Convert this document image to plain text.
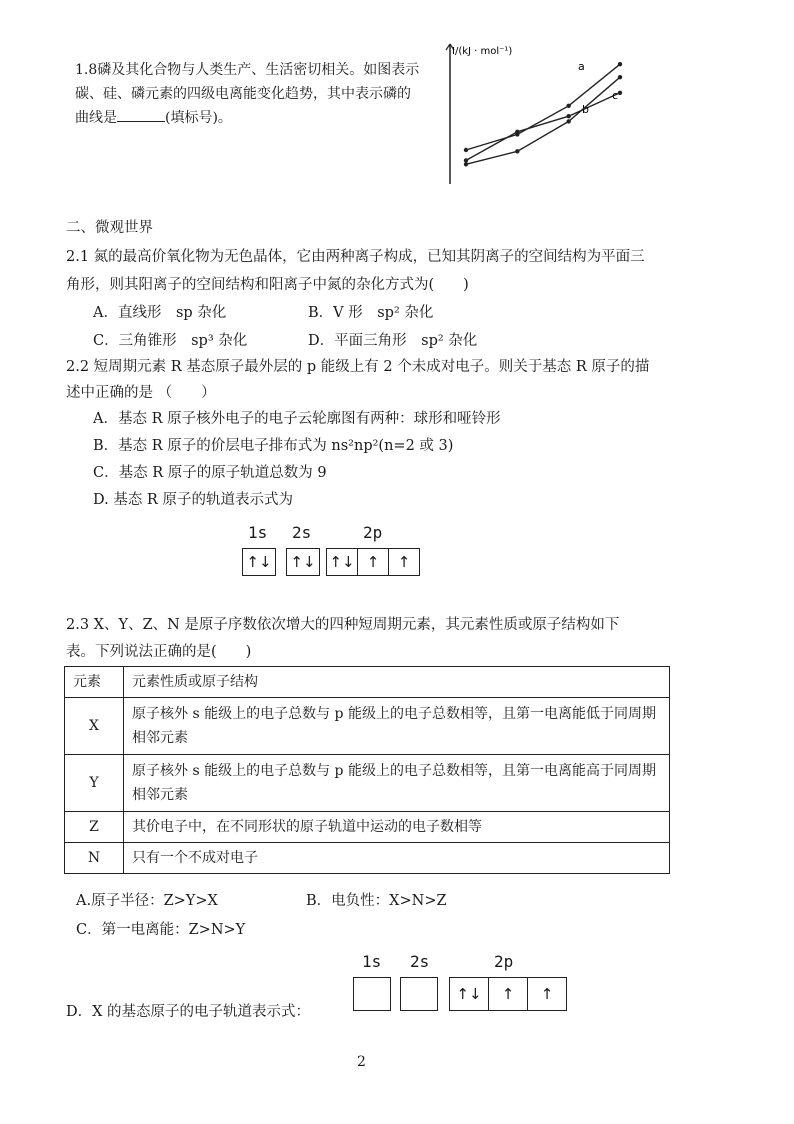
1.8磷及其化合物与人类生产、生活密切相关。如图表示碳、硅、磷元素的四级电离能变化趋势，其中表示磷的曲线是	(填标号)。
I/(kJ · mol⁻¹)
a
b
c
二、微观世界
2.1 氮的最高价氧化物为无色晶体，它由两种离子构成，已知其阴离子的空间结构为平面三
角形，则其阳离子的空间结构和阳离子中氮的杂化方式为(　　)
A．直线形　sp 杂化	B．V 形　sp² 杂化
C．三角锥形　sp³ 杂化	D．平面三角形　sp² 杂化
2.2 短周期元素 R 基态原子最外层的 p 能级上有 2 个未成对电子。则关于基态 R 原子的描
述中正确的是 （　　）
A．基态 R 原子核外电子的电子云轮廓图有两种：球形和哑铃形
B．基态 R 原子的价层电子排布式为 ns²np²(n=2 或 3)
C．基态 R 原子的原子轨道总数为 9
D. 基态 R 原子的轨道表示式为
1s 2s	2p
↑↓ ↑↓ ↑↓ ↑	↑
2.3 X、Y、Z、N 是原子序数依次增大的四种短周期元素，其元素性质或原子结构如下
表。下列说法正确的是(　　)
元素	元素性质或原子结构
X	原子核外 s 能级上的电子总数与 p 能级上的电子总数相等，且第一电离能低于同周期相邻元素
Y	原子核外 s 能级上的电子总数与 p 能级上的电子总数相等，且第一电离能高于同周期相邻元素
Z	其价电子中，在不同形状的原子轨道中运动的电子数相等
N	只有一个不成对电子
A.原子半径：Z>Y>X	B．电负性：X>N>Z
C．第一电离能：Z>N>Y
D．X 的基态原子的电子轨道表示式：
1s 2s	2p
↑↓	↑	↑
2
